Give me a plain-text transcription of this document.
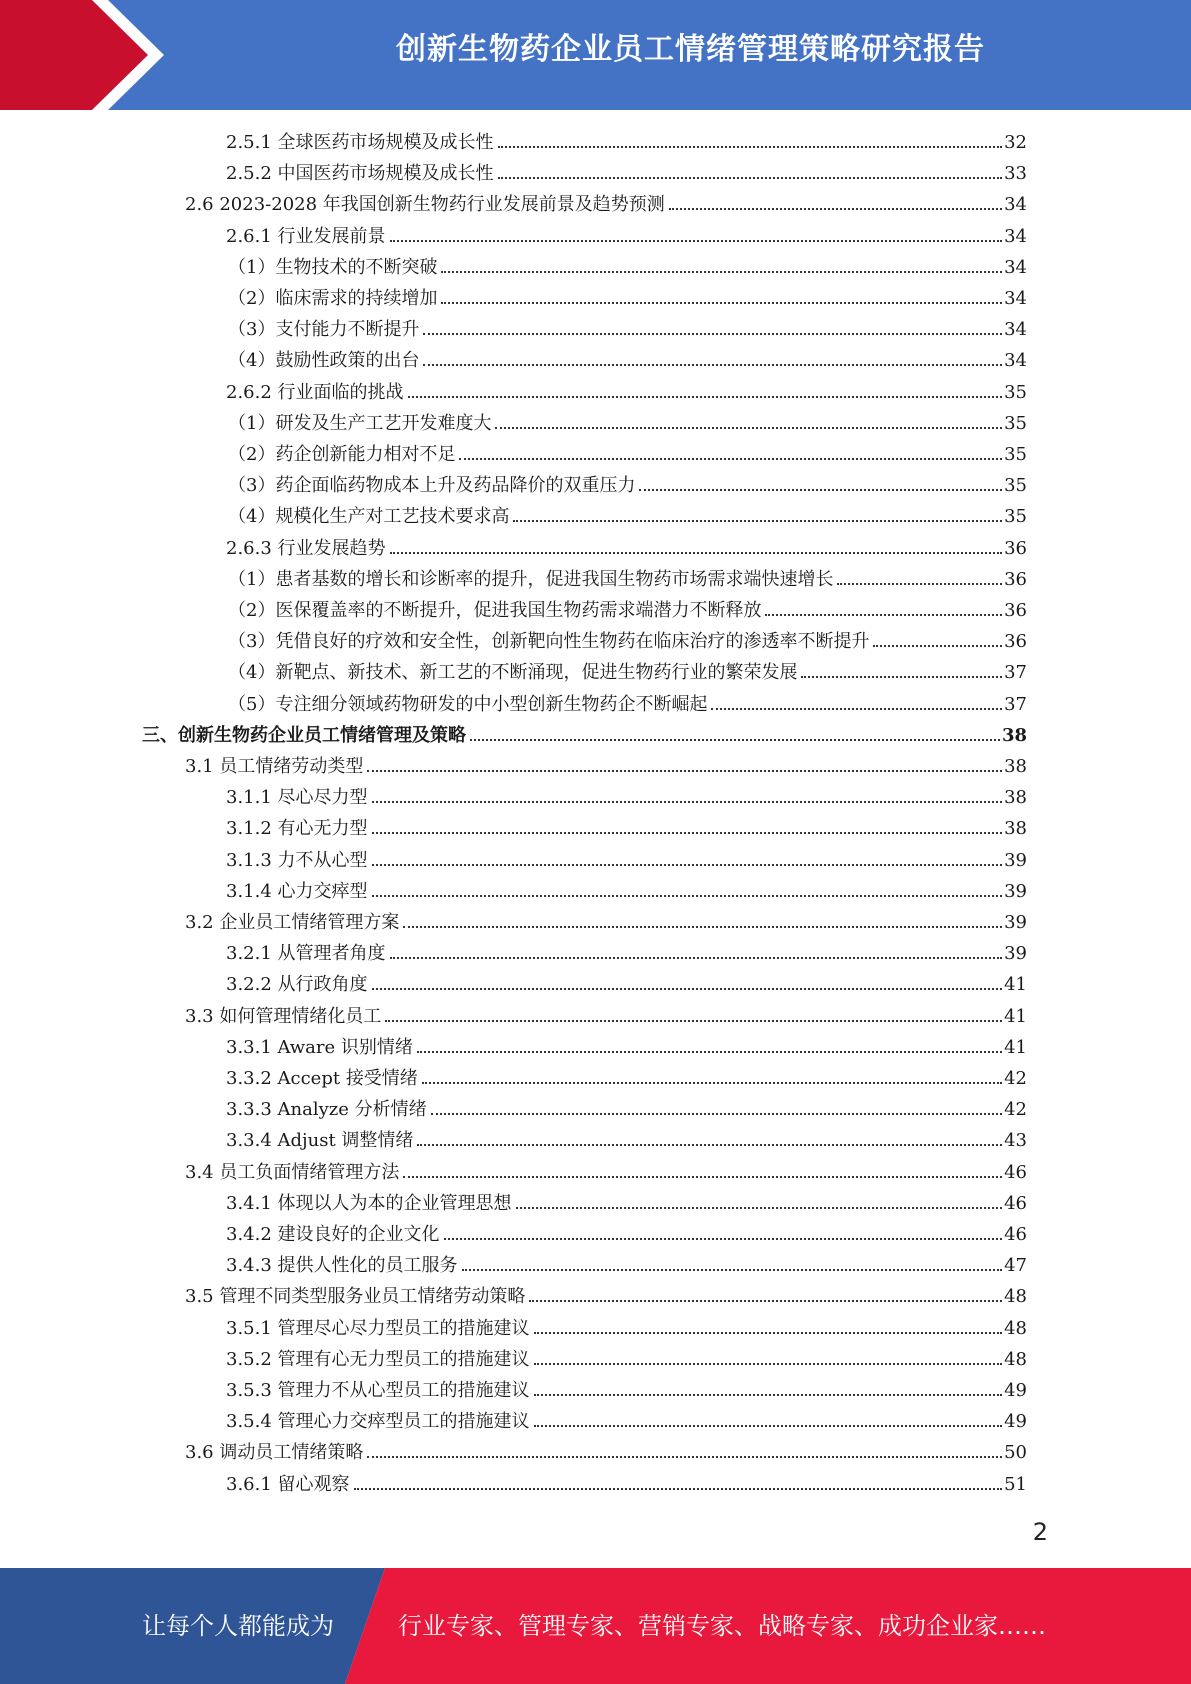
创新生物药企业员工情绪管理策略研究报告
2.5.1 全球医药市场规模及成长性	32
2.5.2 中国医药市场规模及成长性	33
2.6 2023-2028 年我国创新生物药行业发展前景及趋势预测	34
2.6.1 行业发展前景	34
（1）生物技术的不断突破	34
（2）临床需求的持续增加	34
（3）支付能力不断提升	34
（4）鼓励性政策的出台	34
2.6.2 行业面临的挑战	35
（1）研发及生产工艺开发难度大	35
（2）药企创新能力相对不足	35
（3）药企面临药物成本上升及药品降价的双重压力	35
（4）规模化生产对工艺技术要求高	35
2.6.3 行业发展趋势	36
（1）患者基数的增长和诊断率的提升，促进我国生物药市场需求端快速增长	36
（2）医保覆盖率的不断提升，促进我国生物药需求端潜力不断释放	36
（3）凭借良好的疗效和安全性，创新靶向性生物药在临床治疗的渗透率不断提升	36
（4）新靶点、新技术、新工艺的不断涌现，促进生物药行业的繁荣发展	37
（5）专注细分领域药物研发的中小型创新生物药企不断崛起	37
三、创新生物药企业员工情绪管理及策略	38
3.1 员工情绪劳动类型	38
3.1.1 尽心尽力型	38
3.1.2 有心无力型	38
3.1.3 力不从心型	39
3.1.4 心力交瘁型	39
3.2 企业员工情绪管理方案	39
3.2.1 从管理者角度	39
3.2.2 从行政角度	41
3.3 如何管理情绪化员工	41
3.3.1 Aware 识别情绪	41
3.3.2 Accept 接受情绪	42
3.3.3 Analyze 分析情绪	42
3.3.4 Adjust 调整情绪	43
3.4 员工负面情绪管理方法	46
3.4.1 体现以人为本的企业管理思想	46
3.4.2 建设良好的企业文化	46
3.4.3 提供人性化的员工服务	47
3.5 管理不同类型服务业员工情绪劳动策略	48
3.5.1 管理尽心尽力型员工的措施建议	48
3.5.2 管理有心无力型员工的措施建议	48
3.5.3 管理力不从心型员工的措施建议	49
3.5.4 管理心力交瘁型员工的措施建议	49
3.6 调动员工情绪策略	50
3.6.1 留心观察	51
2
让每个人都能成为	行业专家、管理专家、营销专家、战略专家、成功企业家……
